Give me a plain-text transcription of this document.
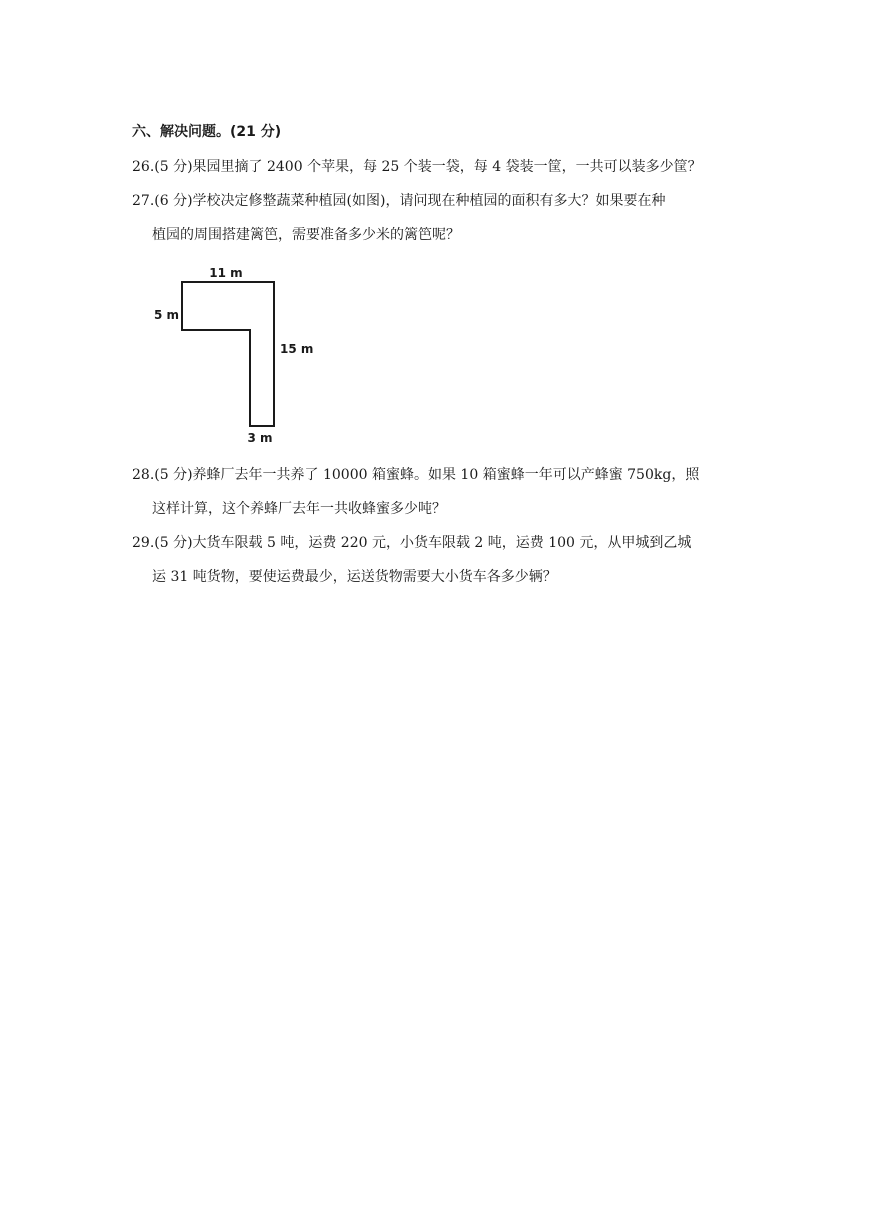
六、解决问题。(21 分)
26.(5 分)果园里摘了 2400 个苹果，每 25 个装一袋，每 4 袋装一筐，一共可以装多少筐？
27.(6 分)学校决定修整蔬菜种植园(如图)，请问现在种植园的面积有多大？如果要在种
植园的周围搭建篱笆，需要准备多少米的篱笆呢？
11 m
5 m
15 m
3 m
28.(5 分)养蜂厂去年一共养了 10000 箱蜜蜂。如果 10 箱蜜蜂一年可以产蜂蜜 750kg，照
这样计算，这个养蜂厂去年一共收蜂蜜多少吨？
29.(5 分)大货车限载 5 吨，运费 220 元，小货车限载 2 吨，运费 100 元，从甲城到乙城
运 31 吨货物，要使运费最少，运送货物需要大小货车各多少辆？
